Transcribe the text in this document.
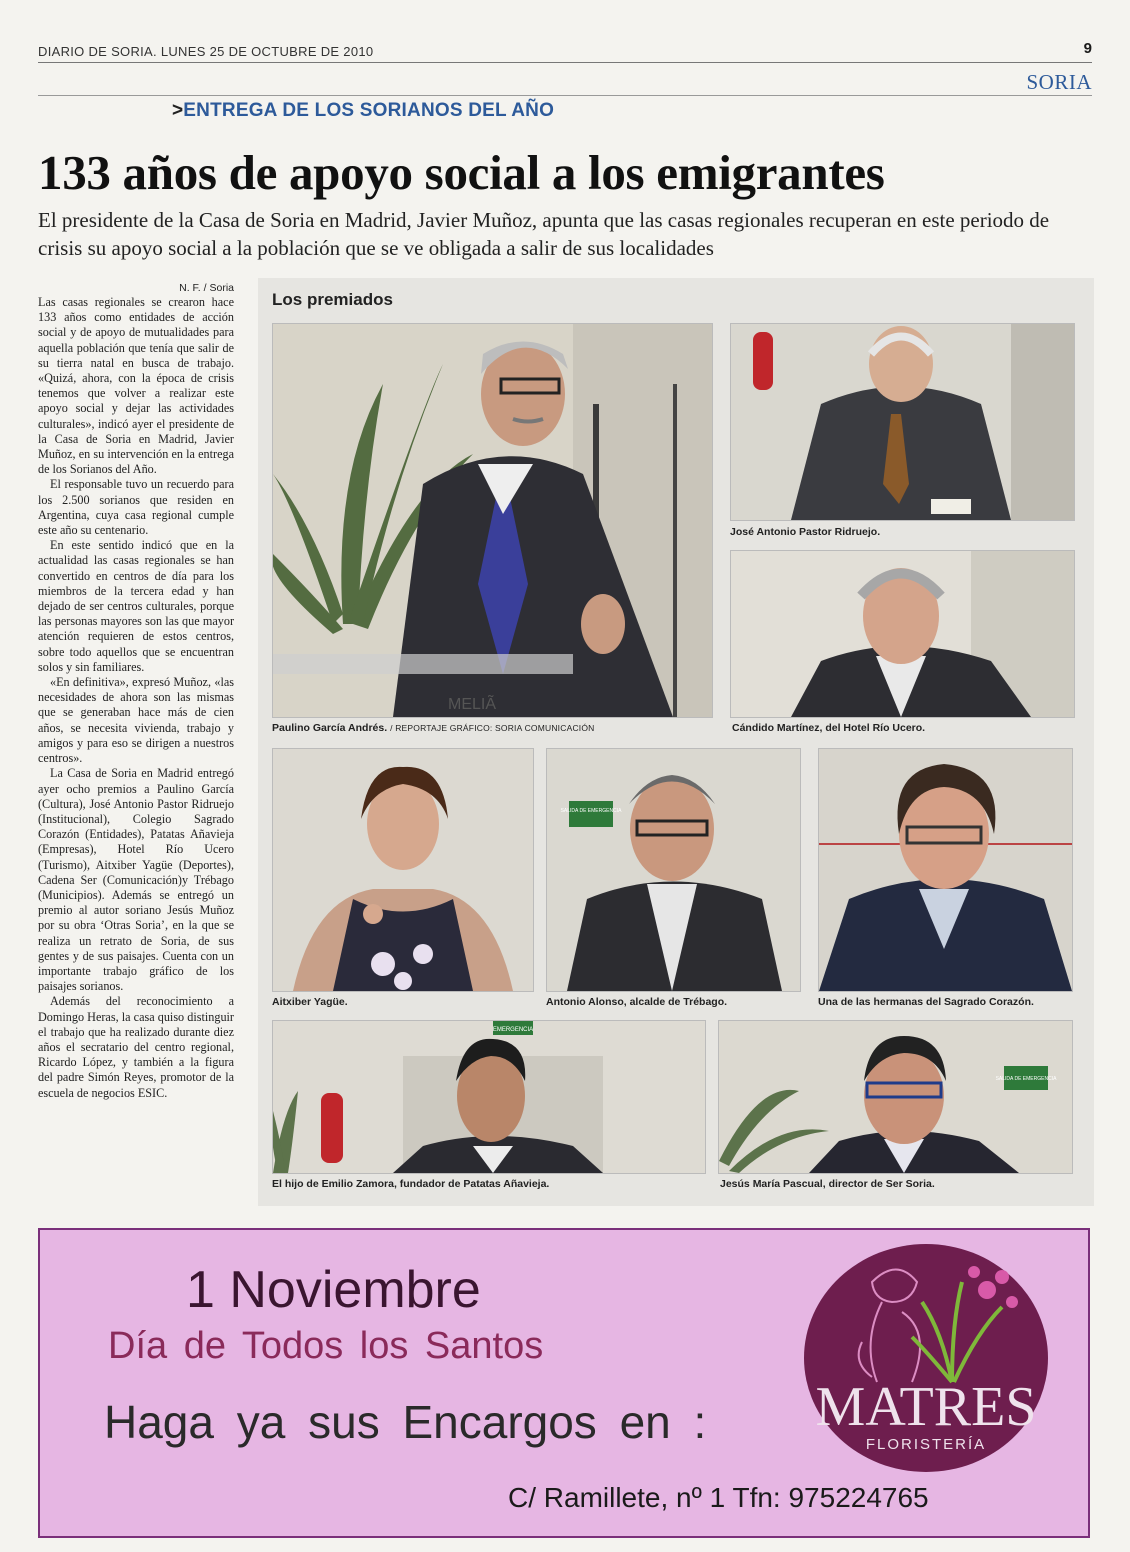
DIARIO DE SORIA. LUNES 25 DE OCTUBRE DE 2010	9
SORIA
>ENTREGA DE LOS SORIANOS DEL AÑO
133 años de apoyo social a los emigrantes
El presidente de la Casa de Soria en Madrid, Javier Muñoz, apunta que las casas regionales recuperan en este periodo de crisis su apoyo social a la población que se ve obligada a salir de sus localidades
N. F. / Soria

Las casas regionales se crearon hace 133 años como entidades de acción social y de apoyo de mutualidades para aquella población que tenía que salir de su tierra natal en busca de trabajo. «Quizá, ahora, con la época de crisis tenemos que volver a realizar este apoyo social y dejar las actividades culturales», indicó ayer el presidente de la Casa de Soria en Madrid, Javier Muñoz, en su intervención en la entrega de los Sorianos del Año.

El responsable tuvo un recuerdo para los 2.500 sorianos que residen en Argentina, cuya casa regional cumple este año su centenario.

En este sentido indicó que en la actualidad las casas regionales se han convertido en centros de día para los miembros de la tercera edad y han dejado de ser centros culturales, porque las personas mayores son las que mayor atención requieren de estos centros, sobre todo aquellos que se encuentran solos y sin familiares.

«En definitiva», expresó Muñoz, «las necesidades de ahora son las mismas que se generaban hace más de cien años, se necesita vivienda, trabajo y amigos y para eso se dirigen a nuestros centros».

La Casa de Soria en Madrid entregó ayer ocho premios a Paulino García (Cultura), José Antonio Pastor Ridruejo (Institucional), Colegio Sagrado Corazón (Entidades), Patatas Añavieja (Empresas), Hotel Río Ucero (Turismo), Aitxiber Yagüe (Deportes), Cadena Ser (Comunicación)y Trébago (Municipios). Además se entregó un premio al autor soriano Jesús Muñoz por su obra ‘Otras Soria’, en la que se realiza un retrato de Soria, de sus gentes y de sus paisajes. Cuenta con un importante trabajo gráfico de los paisajes sorianos.

Además del reconocimiento a Domingo Heras, la casa quiso distinguir el trabajo que ha realizado durante diez años el secratario del centro regional, Ricardo López, y también a la figura del padre Simón Reyes, promotor de la escuela de negocios ESIC.

Los premiados
MELIÃ
Paulino García Andrés. / REPORTAJE GRÁFICO: SORIA COMUNICACIÓN
José Antonio Pastor Ridruejo.
Cándido Martínez, del Hotel Río Ucero.
Aitxiber Yagüe.
SALIDA DE EMERGENCIA
Antonio Alonso, alcalde de Trébago.	Una de las hermanas del Sagrado Corazón.
EMERGENCIA
El hijo de Emilio Zamora, fundador de Patatas Añavieja.
SALIDA DE EMERGENCIA
Jesús María Pascual, director de Ser Soria.
1 Noviembre
Día de Todos los Santos
Haga ya sus Encargos en :
C/ Ramillete, nº 1 Tfn: 975224765
MATRES
FLORISTERÍA
